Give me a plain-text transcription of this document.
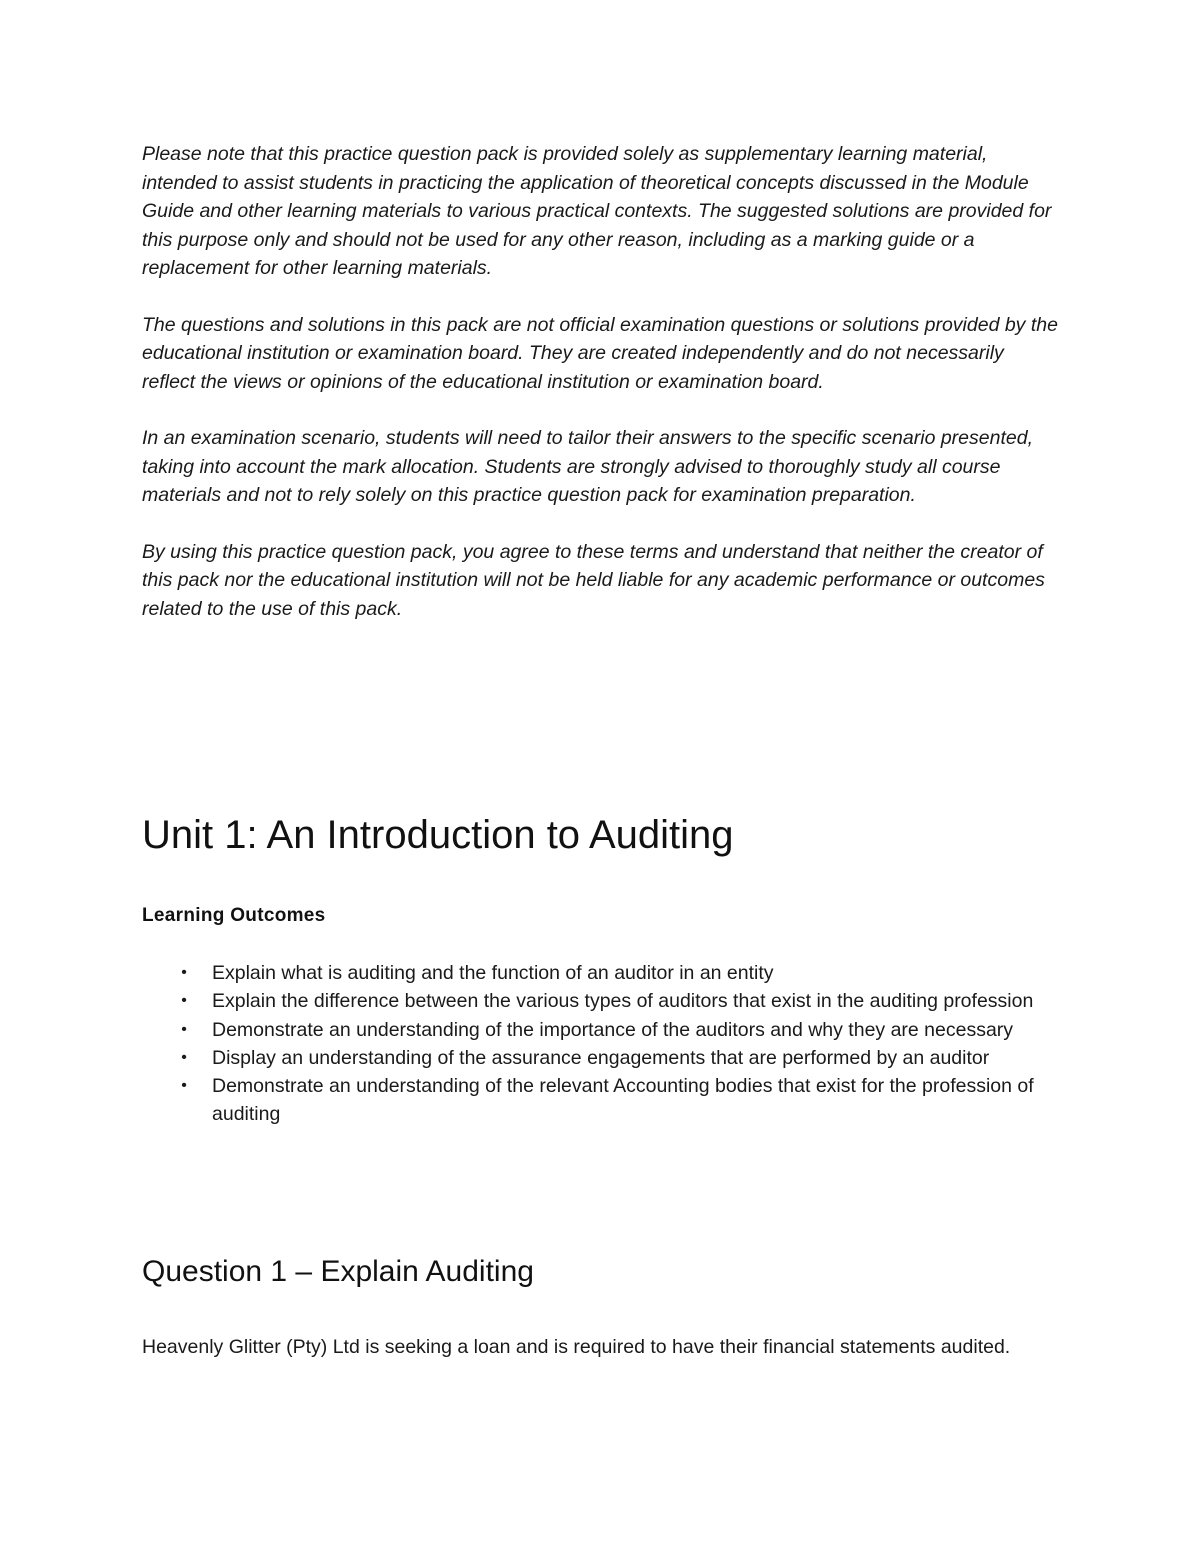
Please note that this practice question pack is provided solely as supplementary learning material, intended to assist students in practicing the application of theoretical concepts discussed in the Module Guide and other learning materials to various practical contexts. The suggested solutions are provided for this purpose only and should not be used for any other reason, including as a marking guide or a replacement for other learning materials.

The questions and solutions in this pack are not official examination questions or solutions provided by the educational institution or examination board. They are created independently and do not necessarily reflect the views or opinions of the educational institution or examination board.

In an examination scenario, students will need to tailor their answers to the specific scenario presented, taking into account the mark allocation. Students are strongly advised to thoroughly study all course materials and not to rely solely on this practice question pack for examination preparation.

By using this practice question pack, you agree to these terms and understand that neither the creator of this pack nor the educational institution will not be held liable for any academic performance or outcomes related to the use of this pack.

Unit 1: An Introduction to Auditing
Learning Outcomes
•	Explain what is auditing and the function of an auditor in an entity
•	Explain the difference between the various types of auditors that exist in the auditing profession
•	Demonstrate an understanding of the importance of the auditors and why they are necessary
•	Display an understanding of the assurance engagements that are performed by an auditor
•	Demonstrate an understanding of the relevant Accounting bodies that exist for the profession of auditing
Question 1 – Explain Auditing

Heavenly Glitter (Pty) Ltd is seeking a loan and is required to have their financial statements audited.
